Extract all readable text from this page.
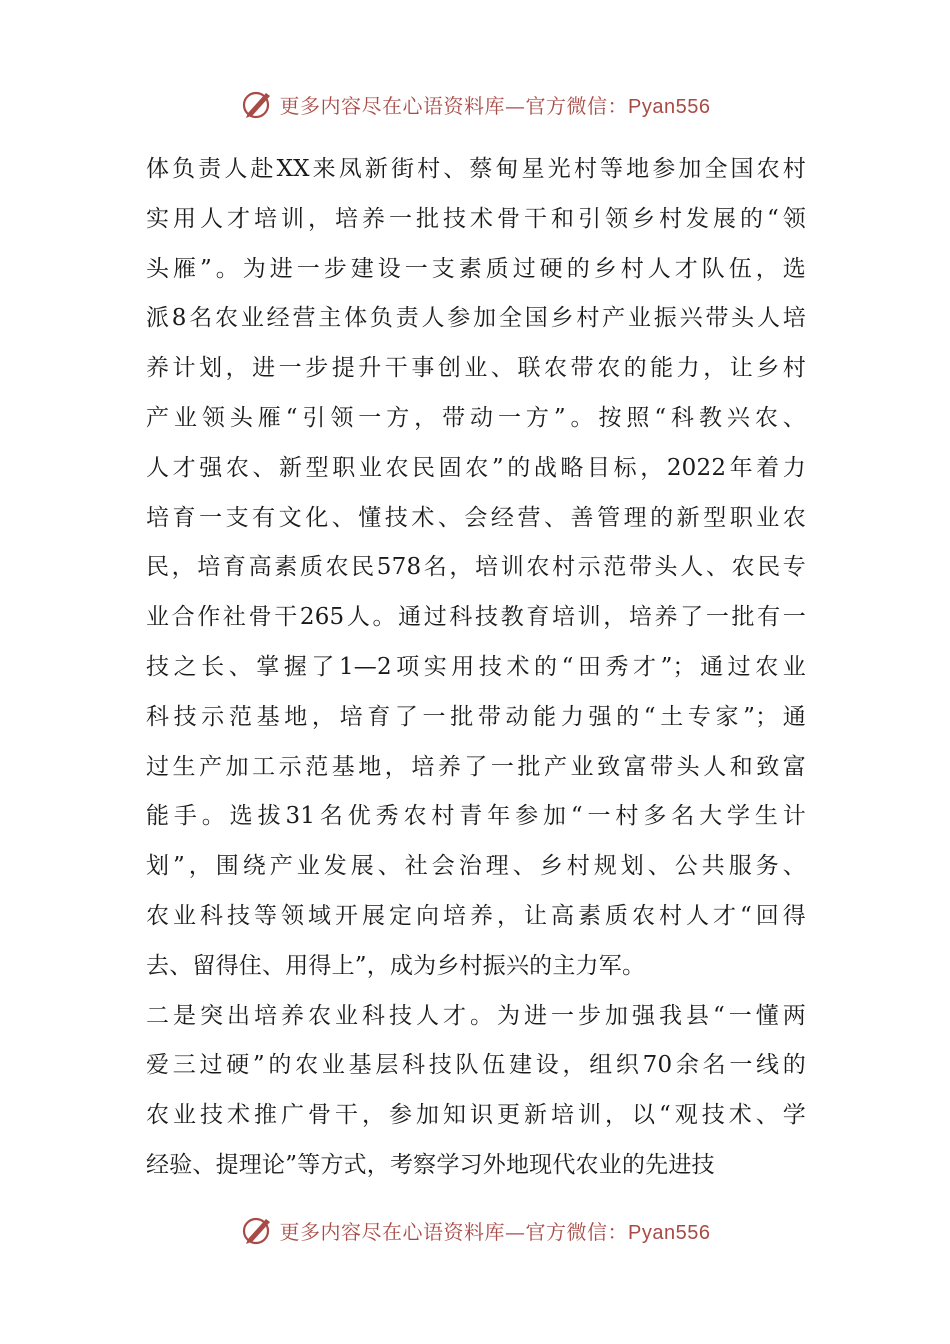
更多内容尽在心语资料库—官方微信：Pyan556
体负责人赴XX来凤新街村、蔡甸星光村等地参加全国农村
实用人才培训，培养一批技术骨干和引领乡村发展的“领
头雁”。为进一步建设一支素质过硬的乡村人才队伍，选
派8名农业经营主体负责人参加全国乡村产业振兴带头人培
养计划，进一步提升干事创业、联农带农的能力，让乡村
产业领头雁“引领一方，带动一方”。按照“科教兴农、
人才强农、新型职业农民固农”的战略目标，2022年着力
培育一支有文化、懂技术、会经营、善管理的新型职业农
民，培育高素质农民578名，培训农村示范带头人、农民专
业合作社骨干265人。通过科技教育培训，培养了一批有一
技之长、掌握了1—2项实用技术的“田秀才”；通过农业
科技示范基地，培育了一批带动能力强的“土专家”；通
过生产加工示范基地，培养了一批产业致富带头人和致富
能手。选拔31名优秀农村青年参加“一村多名大学生计
划”，围绕产业发展、社会治理、乡村规划、公共服务、
农业科技等领域开展定向培养，让高素质农村人才“回得
去、留得住、用得上”，成为乡村振兴的主力军。
二是突出培养农业科技人才。为进一步加强我县“一懂两
爱三过硬”的农业基层科技队伍建设，组织70余名一线的
农业技术推广骨干，参加知识更新培训，以“观技术、学
经验、提理论”等方式，考察学习外地现代农业的先进技
更多内容尽在心语资料库—官方微信：Pyan556
